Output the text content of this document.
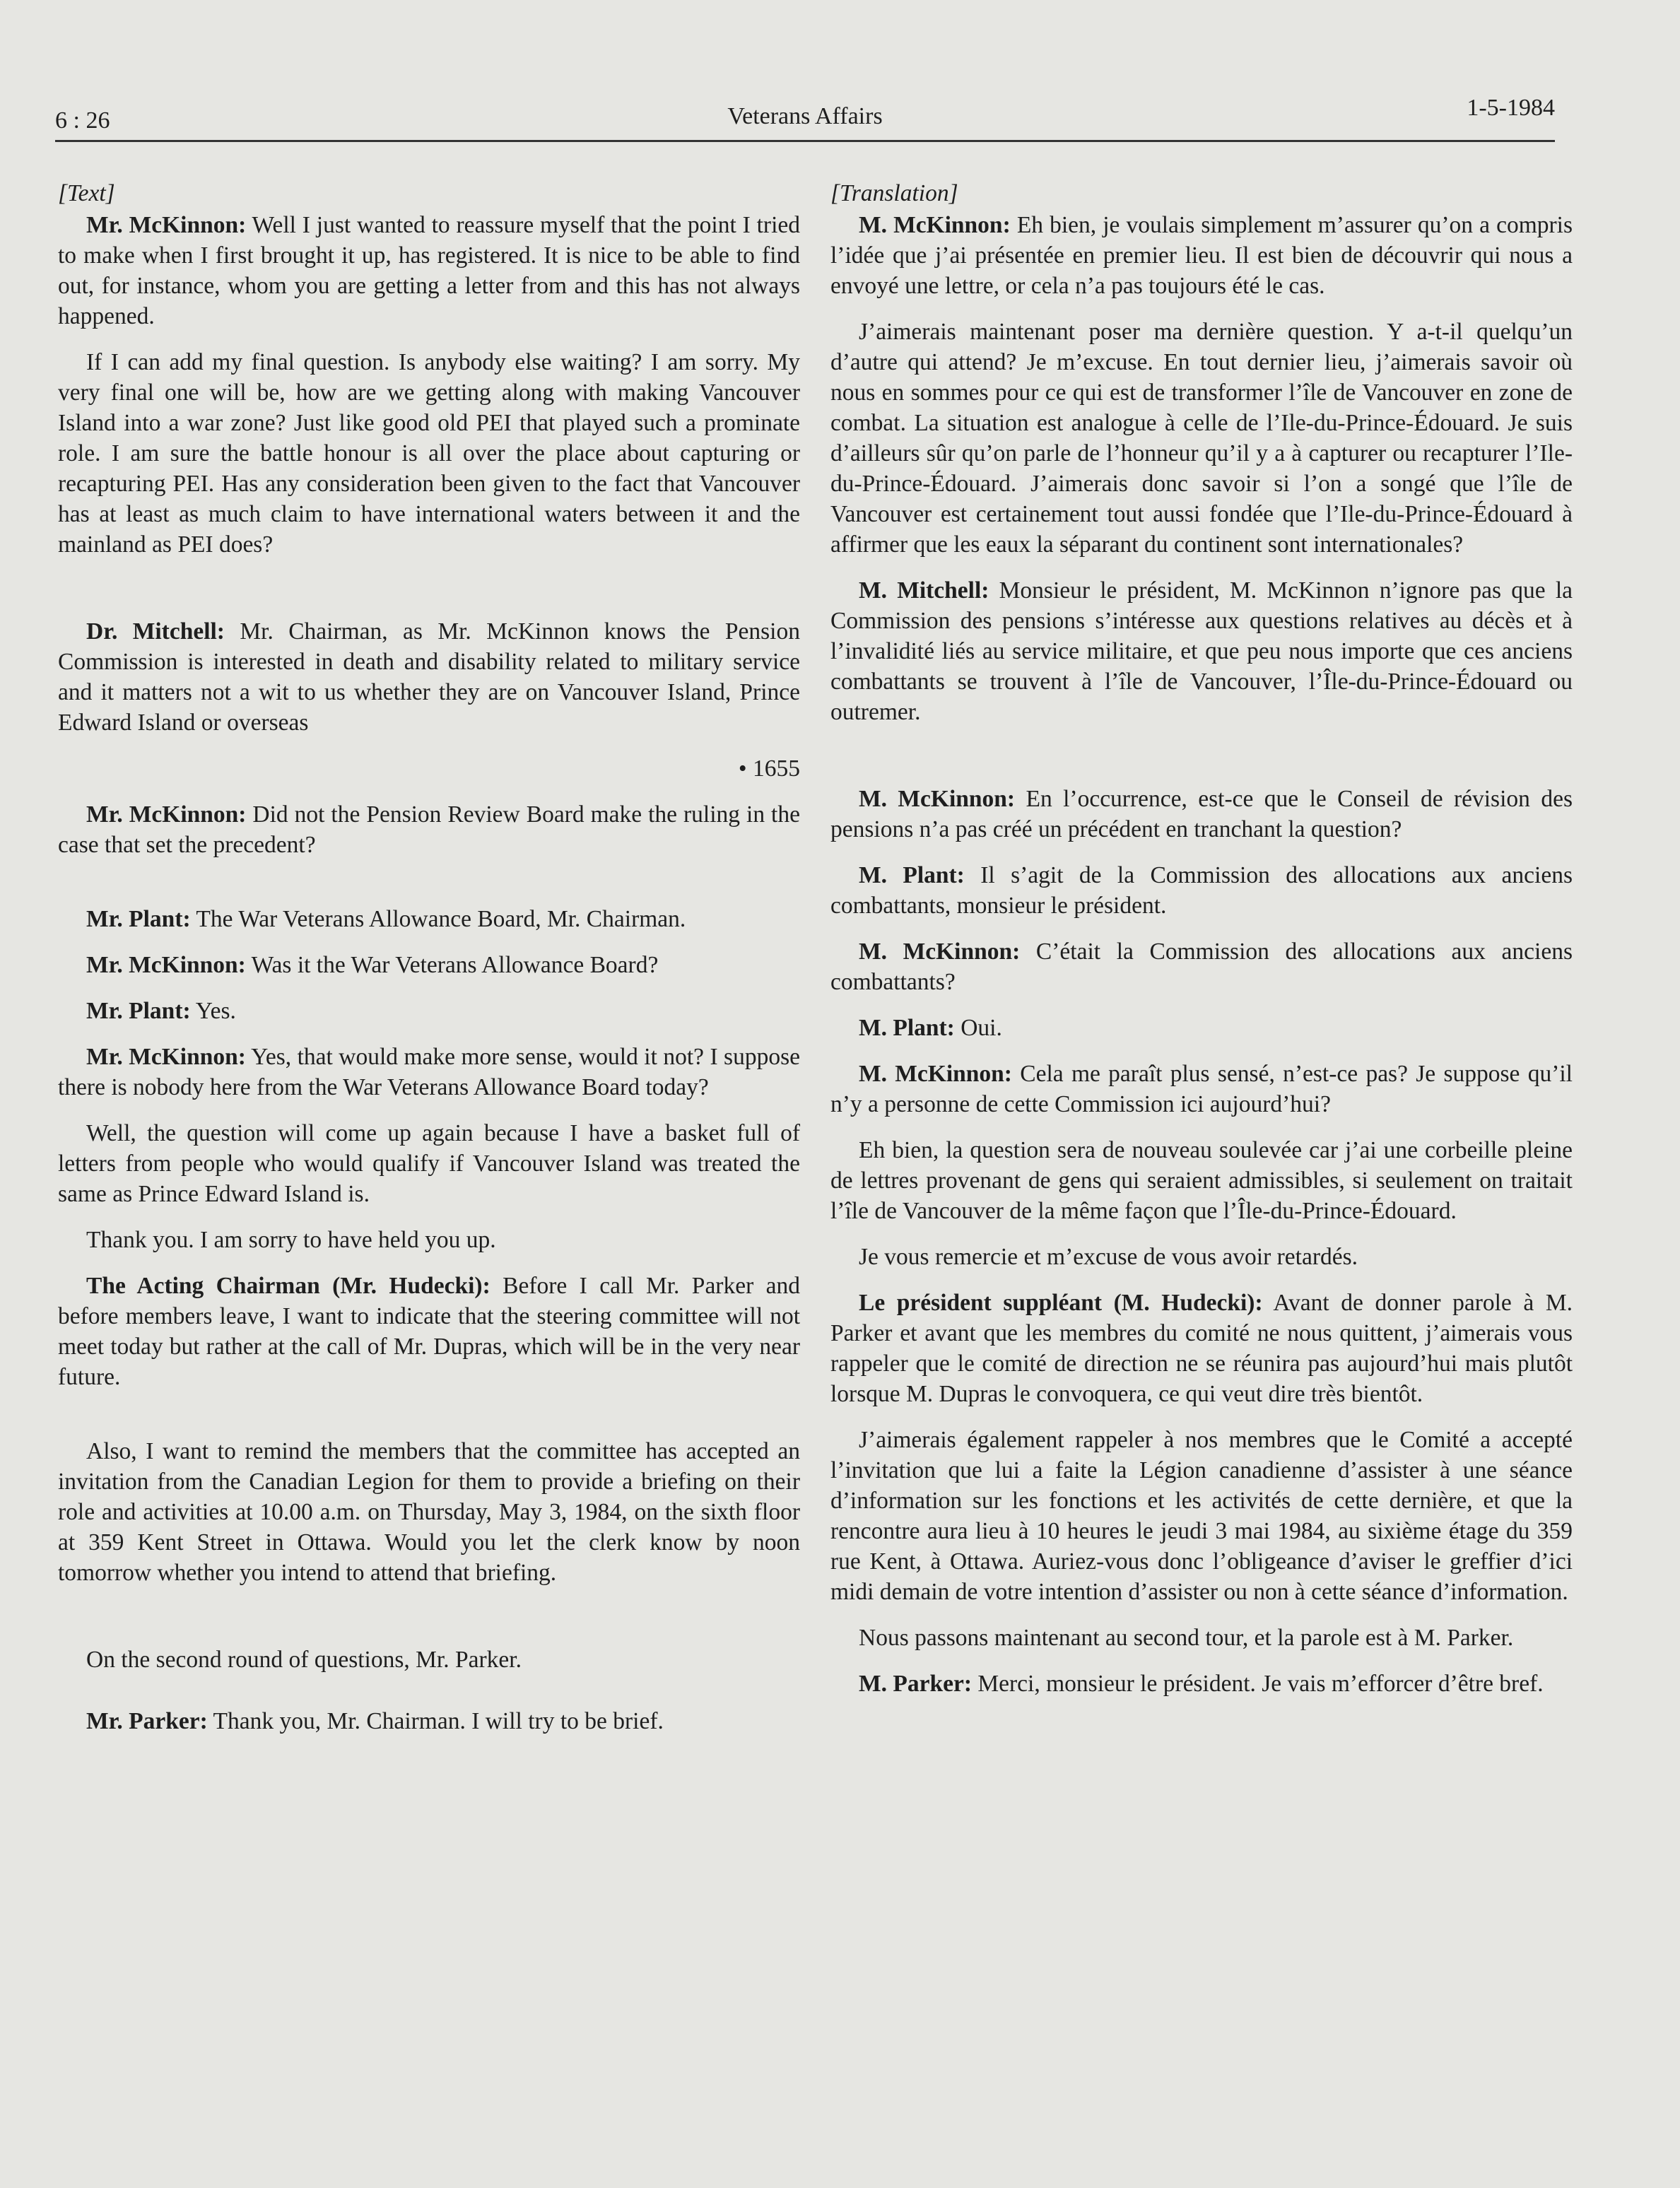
6 : 26	Veterans Affairs	1-5-1984

[Text]

Mr. McKinnon: Well I just wanted to reassure myself that the point I tried to make when I first brought it up, has registered. It is nice to be able to find out, for instance, whom you are getting a letter from and this has not always happened.

If I can add my final question. Is anybody else waiting? I am sorry. My very final one will be, how are we getting along with making Vancouver Island into a war zone? Just like good old PEI that played such a prominate role. I am sure the battle honour is all over the place about capturing or recapturing PEI. Has any consideration been given to the fact that Vancouver has at least as much claim to have international waters between it and the mainland as PEI does?

Dr. Mitchell: Mr. Chairman, as Mr. McKinnon knows the Pension Commission is interested in death and disability related to military service and it matters not a wit to us whether they are on Vancouver Island, Prince Edward Island or overseas

• 1655

Mr. McKinnon: Did not the Pension Review Board make the ruling in the case that set the precedent?

Mr. Plant: The War Veterans Allowance Board, Mr. Chairman.

Mr. McKinnon: Was it the War Veterans Allowance Board?

Mr. Plant: Yes.

Mr. McKinnon: Yes, that would make more sense, would it not? I suppose there is nobody here from the War Veterans Allowance Board today?

Well, the question will come up again because I have a basket full of letters from people who would qualify if Vancouver Island was treated the same as Prince Edward Island is.

Thank you. I am sorry to have held you up.

The Acting Chairman (Mr. Hudecki): Before I call Mr. Parker and before members leave, I want to indicate that the steering committee will not meet today but rather at the call of Mr. Dupras, which will be in the very near future.

Also, I want to remind the members that the committee has accepted an invitation from the Canadian Legion for them to provide a briefing on their role and activities at 10.00 a.m. on Thursday, May 3, 1984, on the sixth floor at 359 Kent Street in Ottawa. Would you let the clerk know by noon tomorrow whether you intend to attend that briefing.

On the second round of questions, Mr. Parker.

Mr. Parker: Thank you, Mr. Chairman. I will try to be brief.

[Translation]

M. McKinnon: Eh bien, je voulais simplement m’assurer qu’on a compris l’idée que j’ai présentée en premier lieu. Il est bien de découvrir qui nous a envoyé une lettre, or cela n’a pas toujours été le cas.

J’aimerais maintenant poser ma dernière question. Y a-t-il quelqu’un d’autre qui attend? Je m’excuse. En tout dernier lieu, j’aimerais savoir où nous en sommes pour ce qui est de transformer l’île de Vancouver en zone de combat. La situation est analogue à celle de l’Ile-du-Prince-Édouard. Je suis d’ailleurs sûr qu’on parle de l’honneur qu’il y a à capturer ou recapturer l’Ile-du-Prince-Édouard. J’aimerais donc savoir si l’on a songé que l’île de Vancouver est certainement tout aussi fondée que l’Ile-du-Prince-Édouard à affirmer que les eaux la séparant du continent sont internationales?

M. Mitchell: Monsieur le président, M. McKinnon n’ignore pas que la Commission des pensions s’intéresse aux questions relatives au décès et à l’invalidité liés au service militaire, et que peu nous importe que ces anciens combattants se trouvent à l’île de Vancouver, l’Île-du-Prince-Édouard ou outremer.

M. McKinnon: En l’occurrence, est-ce que le Conseil de révision des pensions n’a pas créé un précédent en tranchant la question?

M. Plant: Il s’agit de la Commission des allocations aux anciens combattants, monsieur le président.

M. McKinnon: C’était la Commission des allocations aux anciens combattants?

M. Plant: Oui.

M. McKinnon: Cela me paraît plus sensé, n’est-ce pas? Je suppose qu’il n’y a personne de cette Commission ici aujourd’hui?

Eh bien, la question sera de nouveau soulevée car j’ai une corbeille pleine de lettres provenant de gens qui seraient admissibles, si seulement on traitait l’île de Vancouver de la même façon que l’Île-du-Prince-Édouard.

Je vous remercie et m’excuse de vous avoir retardés.

Le président suppléant (M. Hudecki): Avant de donner parole à M. Parker et avant que les membres du comité ne nous quittent, j’aimerais vous rappeler que le comité de direction ne se réunira pas aujourd’hui mais plutôt lorsque M. Dupras le convoquera, ce qui veut dire très bientôt.

J’aimerais également rappeler à nos membres que le Comité a accepté l’invitation que lui a faite la Légion canadienne d’assister à une séance d’information sur les fonctions et les activités de cette dernière, et que la rencontre aura lieu à 10 heures le jeudi 3 mai 1984, au sixième étage du 359 rue Kent, à Ottawa. Auriez-vous donc l’obligeance d’aviser le greffier d’ici midi demain de votre intention d’assister ou non à cette séance d’information.

Nous passons maintenant au second tour, et la parole est à M. Parker.

M. Parker: Merci, monsieur le président. Je vais m’efforcer d’être bref.
